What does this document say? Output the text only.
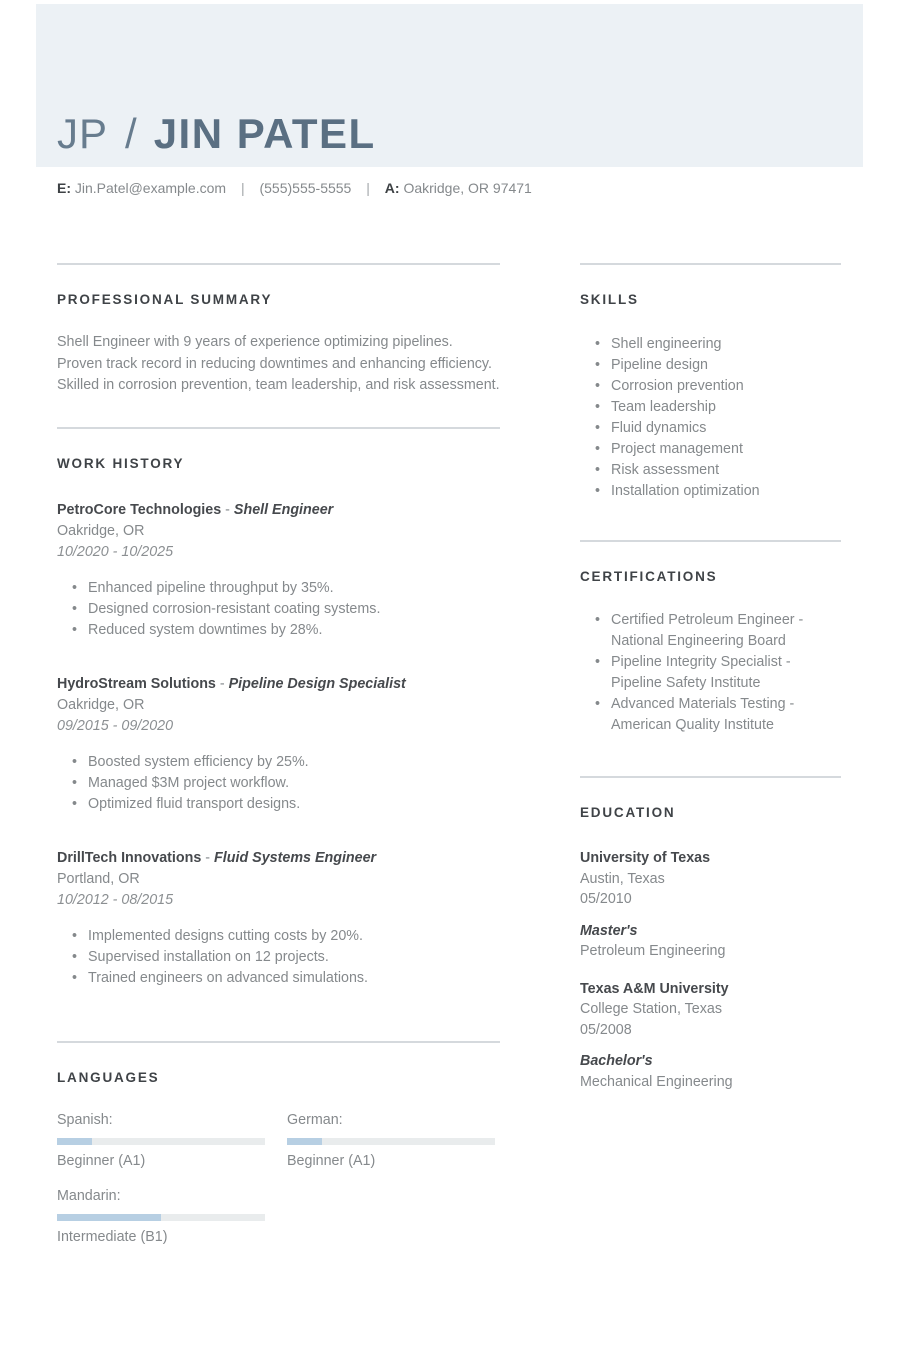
JP / JIN PATEL
E: Jin.Patel@example.com | (555)555-5555 | A: Oakridge, OR 97471
PROFESSIONAL SUMMARY

Shell Engineer with 9 years of experience optimizing pipelines. Proven track record in reducing downtimes and enhancing efficiency. Skilled in corrosion prevention, team leadership, and risk assessment.

WORK HISTORY
PetroCore Technologies - Shell Engineer
Oakridge, OR
10/2020 - 10/2025
• Enhanced pipeline throughput by 35%.
• Designed corrosion-resistant coating systems.
• Reduced system downtimes by 28%.
HydroStream Solutions - Pipeline Design Specialist
Oakridge, OR
09/2015 - 09/2020
• Boosted system efficiency by 25%.
• Managed $3M project workflow.
• Optimized fluid transport designs.
DrillTech Innovations - Fluid Systems Engineer
Portland, OR
10/2012 - 08/2015
• Implemented designs cutting costs by 20%.
• Supervised installation on 12 projects.
• Trained engineers on advanced simulations.
LANGUAGES
Spanish:
Beginner (A1)
German:
Beginner (A1)
Mandarin:
Intermediate (B1)
SKILLS
• Shell engineering
• Pipeline design
• Corrosion prevention
• Team leadership
• Fluid dynamics
• Project management
• Risk assessment
• Installation optimization
CERTIFICATIONS
• Certified Petroleum Engineer - National Engineering Board
• Pipeline Integrity Specialist - Pipeline Safety Institute
• Advanced Materials Testing - American Quality Institute
EDUCATION
University of Texas
Austin, Texas
05/2010
Master's
Petroleum Engineering
Texas A&M University
College Station, Texas
05/2008
Bachelor's
Mechanical Engineering
